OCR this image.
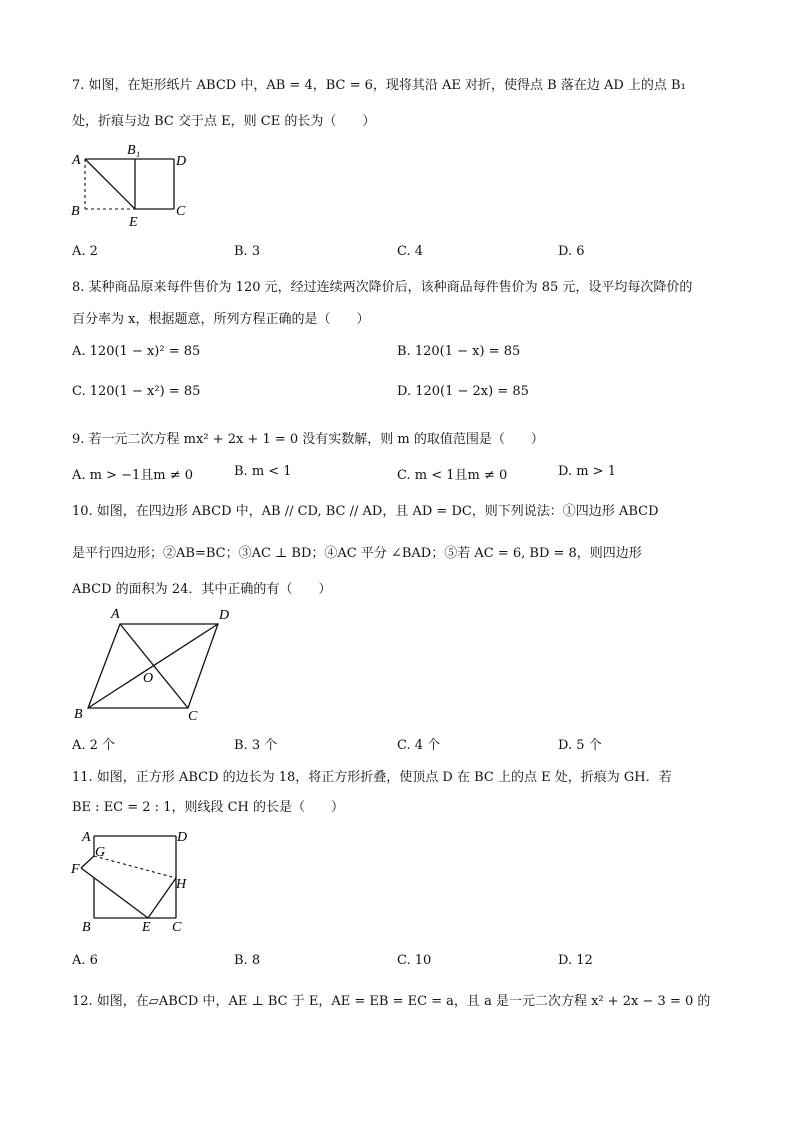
7. 如图，在矩形纸片 ABCD 中，AB = 4，BC = 6，现将其沿 AE 对折，使得点 B 落在边 AD 上的点 B₁
处，折痕与边 BC 交于点 E，则 CE 的长为（　　）
A
B₁
D
B	C
E
A. 2	B. 3	C. 4	D. 6
8. 某种商品原来每件售价为 120 元，经过连续两次降价后，该种商品每件售价为 85 元，设平均每次降价的
百分率为 x，根据题意，所列方程正确的是（　　）
A. 120(1 − x)² = 85	B. 120(1 − x) = 85
C. 120(1 − x²) = 85	D. 120(1 − 2x) = 85
9. 若一元二次方程 mx² + 2x + 1 = 0 没有实数解，则 m 的取值范围是（　　）
A. m > −1且m ≠ 0	B. m < 1	C. m < 1且m ≠ 0	D. m > 1
10. 如图，在四边形 ABCD 中，AB // CD, BC // AD，且 AD = DC，则下列说法：①四边形 ABCD
是平行四边形；②AB=BC；③AC ⊥ BD；④AC 平分 ∠BAD；⑤若 AC = 6, BD = 8，则四边形
ABCD 的面积为 24．其中正确的有（　　）
A	D
B	C
O
A. 2 个	B. 3 个	C. 4 个	D. 5 个
11. 如图，正方形 ABCD 的边长为 18，将正方形折叠，使顶点 D 在 BC 上的点 E 处，折痕为 GH．若
BE : EC = 2 : 1，则线段 CH 的长是（　　）
A	D
G
F
H
B	E C
A. 6	B. 8	C. 10	D. 12
12. 如图，在▱ABCD 中，AE ⊥ BC 于 E，AE = EB = EC = a，且 a 是一元二次方程 x² + 2x − 3 = 0 的
